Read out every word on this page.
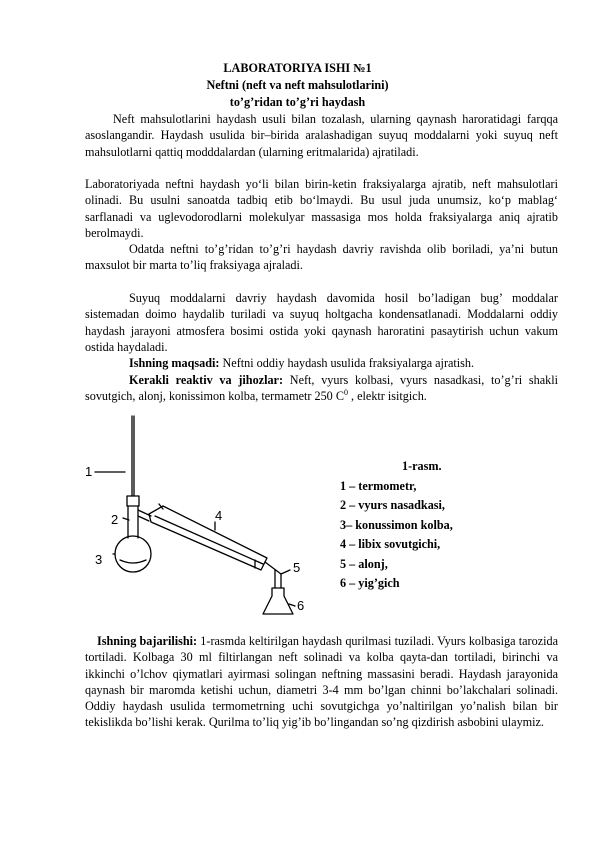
LABORATORIYA ISHI №1
Neftni (neft va neft mahsulotlarini)
to’g’ridan to’g’ri haydash
Neft mahsulotlarini haydash usuli bilan tozalash, ularning qaynash haroratidagi farqqa asoslangandir. Haydash usulida bir–birida aralashadigan suyuq moddalarni yoki suyuq neft mahsulotlarni qattiq modddalardan (ularning eritmalarida) ajratiladi.
Laboratoriyada neftni haydash yo‘li bilan birin-ketin fraksiyalarga ajratib, neft mahsulotlari olinadi. Bu usulni sanoatda tadbiq etib bo‘lmaydi. Bu usul juda unumsiz, ko‘p mablag‘ sarflanadi va uglevodorodlarni molekulyar massasiga mos holda fraksiyalarga aniq ajratib berolmaydi.
Odatda neftni to’g’ridan to’g’ri haydash davriy ravishda olib boriladi, ya’ni butun maxsulot bir marta to’liq fraksiyaga ajraladi.
Suyuq moddalarni davriy haydash davomida hosil bo’ladigan bug’ moddalar sistemadan doimo haydalib turiladi va suyuq holtgacha kondensatlanadi. Moddalarni oddiy haydash jarayoni atmosfera bosimi ostida yoki qaynash haroratini pasaytirish uchun vakum ostida haydaladi.
Ishning maqsadi: Neftni oddiy haydash usulida fraksiyalarga ajratish.
Kerakli reaktiv va jihozlar: Neft, vyurs kolbasi, vyurs nasadkasi, to’g’ri shakli sovutgich, alonj, konissimon kolba, termametr 250 $C^0$ , elektr isitgich.
1
2
3
4
5
6
1-rasm.
1 – termometr,
2 – vyurs nasadkasi,
3– konussimon kolba,
4 – libix sovutgichi,
5 – alonj,
6 – yig’gich
Ishning bajarilishi: 1-rasmda keltirilgan haydash qurilmasi tuziladi. Vyurs kolbasiga tarozida tortiladi. Kolbaga 30 ml filtirlangan neft solinadi va kolba qayta-dan tortiladi, birinchi va ikkinchi o’lchov qiymatlari ayirmasi solingan neftning massasini beradi. Haydash jarayonida qaynash bir maromda ketishi uchun, diametri 3-4 mm bo’lgan chinni bo’lakchalari solinadi. Oddiy haydash usulida termometrning uchi sovutgichga yo’naltirilgan yo’nalish bilan bir tekislikda bo’lishi kerak. Qurilma to’liq yig’ib bo’lingandan so’ng qizdirish asbobini ulaymiz.
